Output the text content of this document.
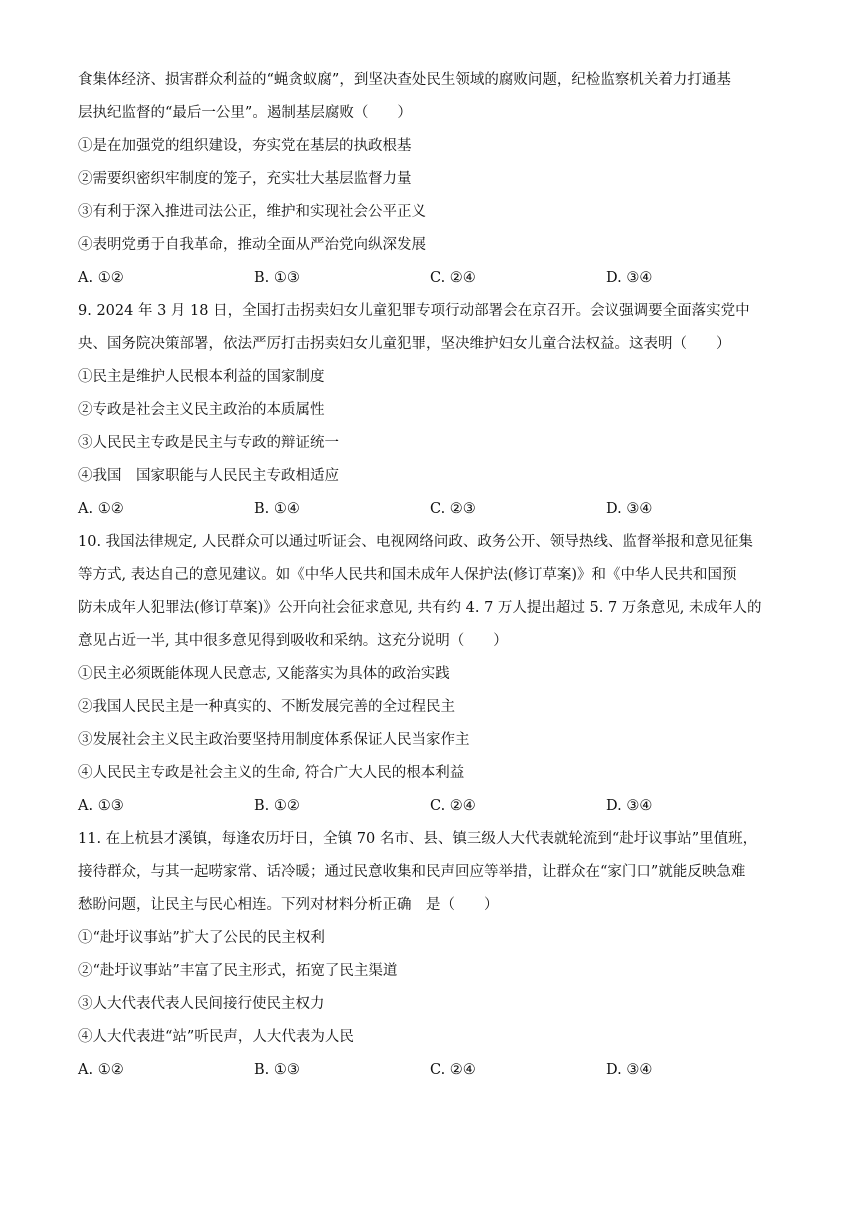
食集体经济、损害群众利益的“蝇贪蚁腐”，到坚决查处民生领域的腐败问题，纪检监察机关着力打通基
层执纪监督的“最后一公里”。遏制基层腐败（　　）
①是在加强党的组织建设，夯实党在基层的执政根基
②需要织密织牢制度的笼子，充实壮大基层监督力量
③有利于深入推进司法公正，维护和实现社会公平正义
④表明党勇于自我革命，推动全面从严治党向纵深发展
A. ①②	B. ①③	C. ②④	D. ③④
9. 2024 年 3 月 18 日，全国打击拐卖妇女儿童犯罪专项行动部署会在京召开。会议强调要全面落实党中
央、国务院决策部署，依法严厉打击拐卖妇女儿童犯罪，坚决维护妇女儿童合法权益。这表明（　　）
①民主是维护人民根本利益的国家制度
②专政是社会主义民主政治的本质属性
③人民民主专政是民主与专政的辩证统一
④我国　国家职能与人民民主专政相适应
A. ①②	B. ①④	C. ②③	D. ③④
10. 我国法律规定, 人民群众可以通过听证会、电视网络问政、政务公开、领导热线、监督举报和意见征集
等方式, 表达自己的意见建议。如《中华人民共和国未成年人保护法(修订草案)》和《中华人民共和国预
防未成年人犯罪法(修订草案)》公开向社会征求意见, 共有约 4. 7 万人提出超过 5. 7 万条意见, 未成年人的
意见占近一半, 其中很多意见得到吸收和采纳。这充分说明（　　）
①民主必须既能体现人民意志, 又能落实为具体的政治实践
②我国人民民主是一种真实的、不断发展完善的全过程民主
③发展社会主义民主政治要坚持用制度体系保证人民当家作主
④人民民主专政是社会主义的生命, 符合广大人民的根本利益
A. ①③	B. ①②	C. ②④	D. ③④
11. 在上杭县才溪镇，每逢农历圩日，全镇 70 名市、县、镇三级人大代表就轮流到“赴圩议事站”里值班，
接待群众，与其一起唠家常、话冷暖；通过民意收集和民声回应等举措，让群众在“家门口”就能反映急难
愁盼问题，让民主与民心相连。下列对材料分析正确　是（　　）
①“赴圩议事站”扩大了公民的民主权利
②“赴圩议事站”丰富了民主形式，拓宽了民主渠道
③人大代表代表人民间接行使民主权力
④人大代表进“站”听民声，人大代表为人民
A. ①②	B. ①③	C. ②④	D. ③④
